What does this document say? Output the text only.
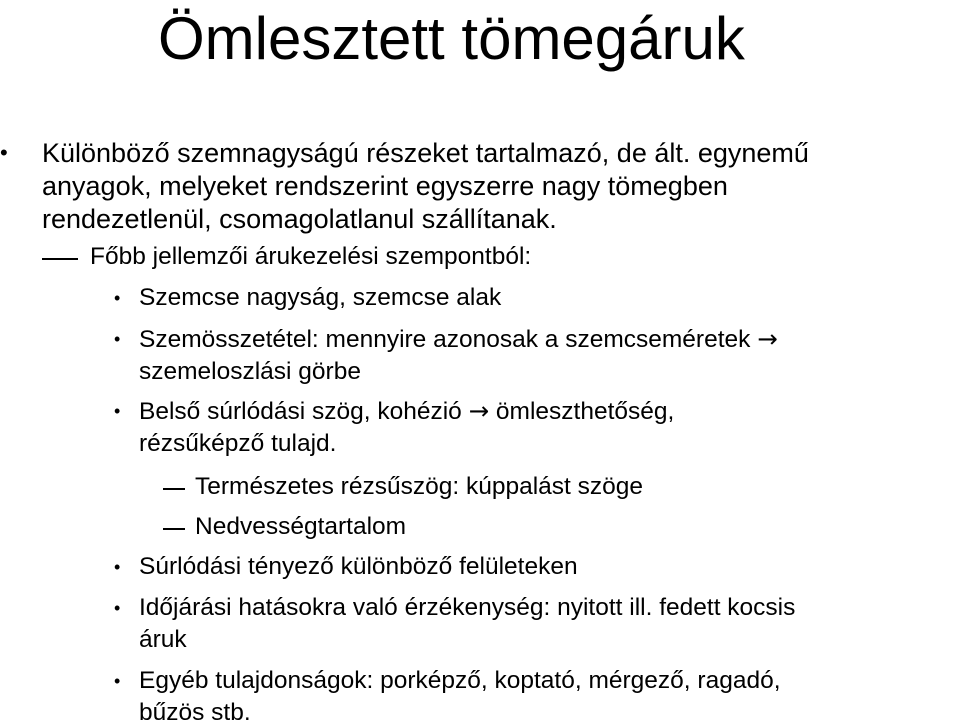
Ömlesztett tömegáruk
• Különböző szemnagyságú részeket tartalmazó, de ált. egynemű
anyagok, melyeket rendszerint egyszerre nagy tömegben
rendezetlenül, csomagolatlanul szállítanak.
Főbb jellemzői árukezelési szempontból:
• Szemcse nagyság, szemcse alak
• Szemösszetétel: mennyire azonosak a szemcseméretek →
szemeloszlási görbe
• Belső súrlódási szög, kohézió → ömleszthetőség,
rézsűképző tulajd.
Természetes rézsűszög: kúppalást szöge
Nedvességtartalom
• Súrlódási tényező különböző felületeken
• Időjárási hatásokra való érzékenység: nyitott ill. fedett kocsis
áruk
• Egyéb tulajdonságok: porképző, koptató, mérgező, ragadó,
bűzös stb.
